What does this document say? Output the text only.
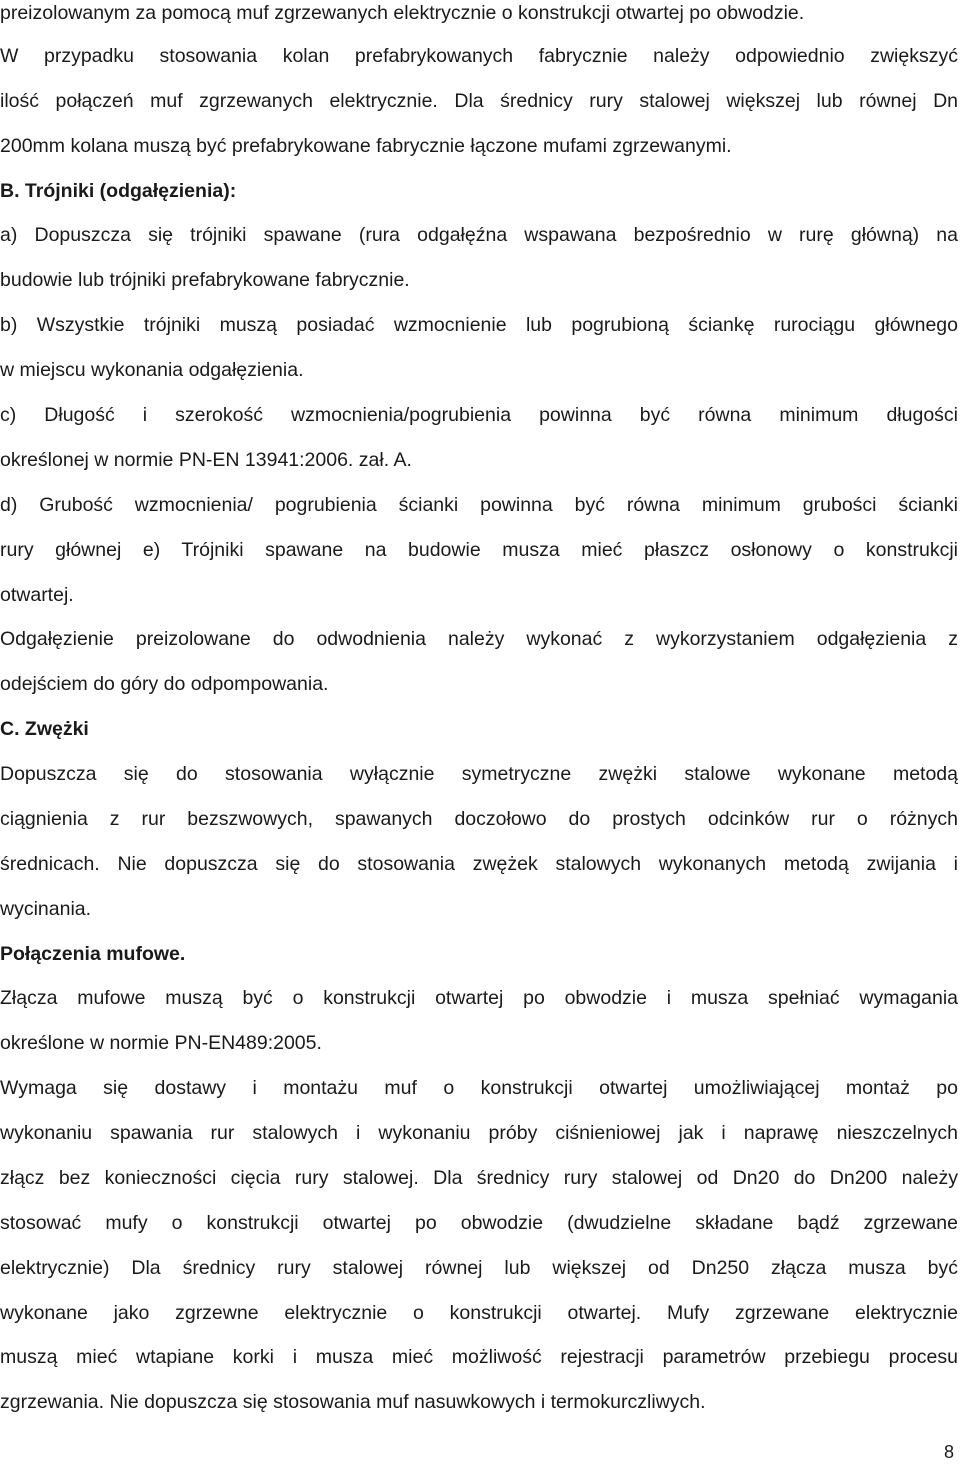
preizolowanym za pomocą muf zgrzewanych elektrycznie o konstrukcji otwartej po obwodzie.
W przypadku stosowania kolan prefabrykowanych fabrycznie należy odpowiednio zwiększyć
ilość połączeń muf zgrzewanych elektrycznie. Dla średnicy rury stalowej większej lub równej Dn
200mm kolana muszą być prefabrykowane fabrycznie łączone mufami zgrzewanymi.
B. Trójniki (odgałęzienia):
a) Dopuszcza się trójniki spawane (rura odgałęźna wspawana bezpośrednio w rurę główną) na
budowie lub trójniki prefabrykowane fabrycznie.
b) Wszystkie trójniki muszą posiadać wzmocnienie lub pogrubioną ściankę rurociągu głównego
w miejscu wykonania odgałęzienia.
c) Długość i szerokość wzmocnienia/pogrubienia powinna być równa minimum długości
określonej w normie PN-EN 13941:2006. zał. A.
d) Grubość wzmocnienia/ pogrubienia ścianki powinna być równa minimum grubości ścianki
rury głównej e) Trójniki spawane na budowie musza mieć płaszcz osłonowy o konstrukcji
otwartej.
Odgałęzienie preizolowane do odwodnienia należy wykonać z wykorzystaniem odgałęzienia z
odejściem do góry do odpompowania.
C. Zwężki
Dopuszcza się do stosowania wyłącznie symetryczne zwężki stalowe wykonane metodą
ciągnienia z rur bezszwowych, spawanych doczołowo do prostych odcinków rur o różnych
średnicach. Nie dopuszcza się do stosowania zwężek stalowych wykonanych metodą zwijania i
wycinania.
Połączenia mufowe.
Złącza mufowe muszą być o konstrukcji otwartej po obwodzie i musza spełniać wymagania
określone w normie PN-EN489:2005.
Wymaga się dostawy i montażu muf o konstrukcji otwartej umożliwiającej montaż po
wykonaniu spawania rur stalowych i wykonaniu próby ciśnieniowej jak i naprawę nieszczelnych
złącz bez konieczności cięcia rury stalowej. Dla średnicy rury stalowej od Dn20 do Dn200 należy
stosować mufy o konstrukcji otwartej po obwodzie (dwudzielne składane bądź zgrzewane
elektrycznie) Dla średnicy rury stalowej równej lub większej od Dn250 złącza musza być
wykonane jako zgrzewne elektrycznie o konstrukcji otwartej. Mufy zgrzewane elektrycznie
muszą mieć wtapiane korki i musza mieć możliwość rejestracji parametrów przebiegu procesu
zgrzewania. Nie dopuszcza się stosowania muf nasuwkowych i termokurczliwych.
8
